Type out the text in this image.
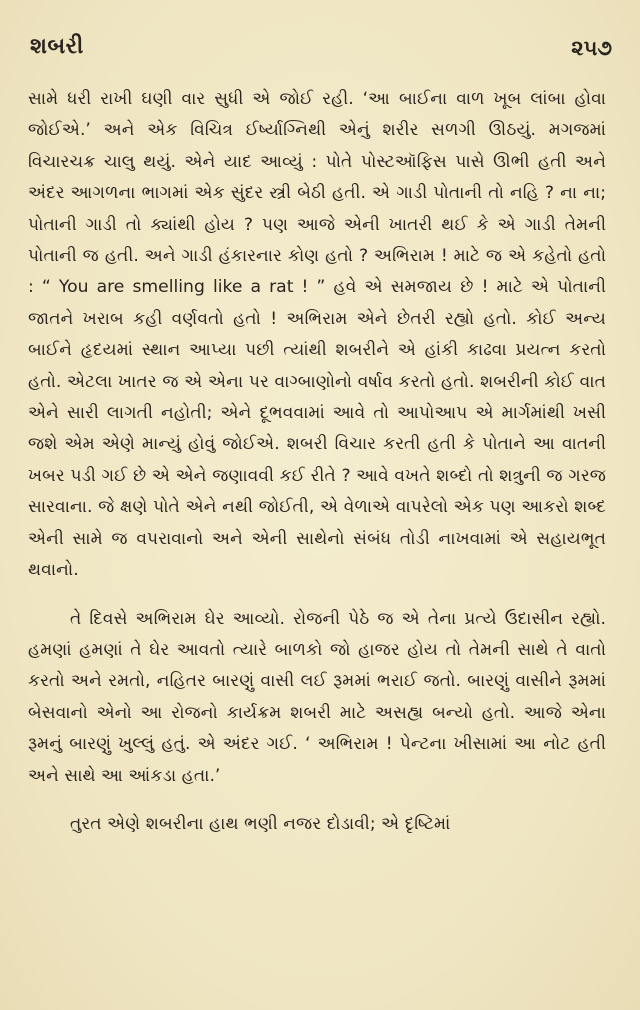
શબરી	૨૫૭

સામે ધરી રાખી ઘણી વાર સુધી એ જોઈ રહી. ‘આ બાઈના વાળ ખૂબ લાંબા હોવા જોઈએ.’ અને એક વિચિત્ર ઈર્ષ્યાગ્નિથી એનું શરીર સળગી ઊઠયું. મગજમાં વિચારચક્ર ચાલુ થયું. એને યાદ આવ્યું : પોતે પોસ્ટઑફિસ પાસે ઊભી હતી અને અંદર આગળના ભાગમાં એક સુંદર સ્ત્રી બેઠી હતી. એ ગાડી પોતાની તો નહિ ? ના ના; પોતાની ગાડી તો ક્યાંથી હોય ? પણ આજે એની ખાતરી થઈ કે એ ગાડી તેમની પોતાની જ હતી. અને ગાડી હંકારનાર કોણ હતો ? અભિરામ ! માટે જ એ કહેતો હતો : “ You are smelling like a rat ! ” હવે એ સમજાય છે ! માટે એ પોતાની જાતને ખરાબ કહી વર્ણવતો હતો ! અભિરામ એને છેતરી રહ્યો હતો. કોઈ અન્ય બાઈને હૃદયમાં સ્થાન આપ્યા પછી ત્યાંથી શબરીને એ હાંકી કાઢવા પ્રયત્ન કરતો હતો. એટલા ખાતર જ એ એના પર વાગ્બાણોનો વર્ષાવ કરતો હતો. શબરીની કોઈ વાત એને સારી લાગતી નહોતી; એને દૂભવવામાં આવે તો આપોઆપ એ માર્ગમાંથી ખસી જશે એમ એણે માન્યું હોવું જોઈએ. શબરી વિચાર કરતી હતી કે પોતાને આ વાતની ખબર પડી ગઈ છે એ એને જણાવવી કઈ રીતે ? આવે વખતે શબ્દો તો શત્રુની જ ગરજ સારવાના. જે ક્ષણે પોતે એને નથી જોઈતી, એ વેળાએ વાપરેલો એક પણ આકરો શબ્દ એની સામે જ વપરાવાનો અને એની સાથેનો સંબંધ તોડી નાખવામાં એ સહાયભૂત થવાનો.

તે દિવસે અભિરામ ઘેર આવ્યો. રોજની પેઠે જ એ તેના પ્રત્યે ઉદાસીન રહ્યો. હમણાં હમણાં તે ઘેર આવતો ત્યારે બાળકો જો હાજર હોય તો તેમની સાથે તે વાતો કરતો અને રમતો, નહિતર બારણું વાસી લઈ રૂમમાં ભરાઈ જતો. બારણું વાસીને રૂમમાં બેસવાનો એનો આ રોજનો કાર્યક્રમ શબરી માટે અસહ્ય બન્યો હતો. આજે એના રૂમનું બારણું ખુલ્લું હતું. એ અંદર ગઈ. ‘ અભિરામ ! પેન્ટના ખીસામાં આ નોટ હતી અને સાથે આ આંકડા હતા.’

તુરત એણે શબરીના હાથ ભણી નજર દોડાવી; એ દૃષ્ટિમાં
